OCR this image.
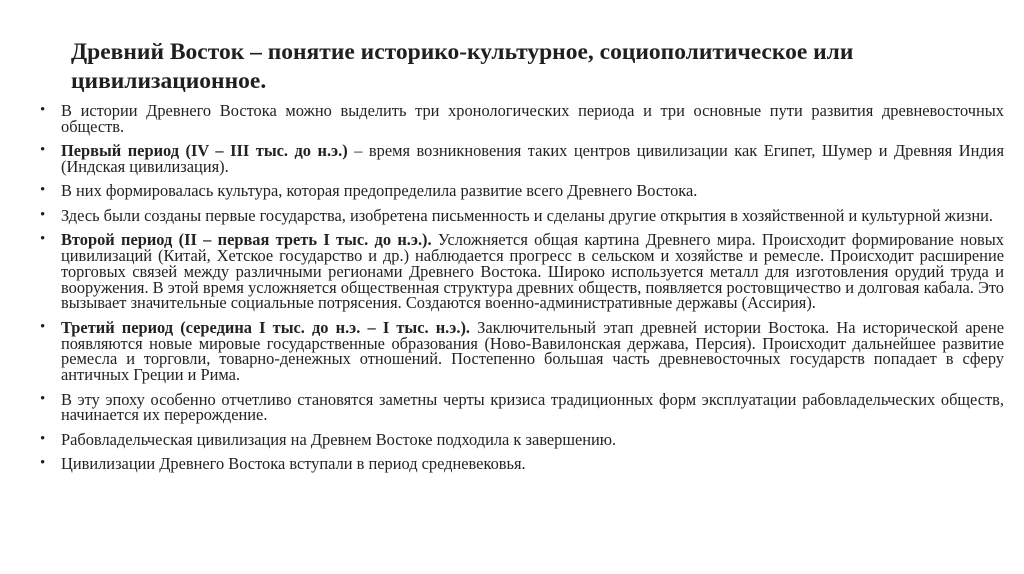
Древний Восток – понятие историко-культурное, социополитическое или
цивилизационное.
• В истории Древнего Востока можно выделить три хронологических периода и три основные пути развития древневосточных обществ.
• Первый период (IV – III тыс. до н.э.) – время возникновения таких центров цивилизации как Египет, Шумер и Древняя Индия (Индская цивилизация).
• В них формировалась культура, которая предопределила развитие всего Древнего Востока.
• Здесь были созданы первые государства, изобретена письменность и сделаны другие открытия в хозяйственной и культурной жизни.
• Второй период (II – первая треть I тыс. до н.э.). Усложняется общая картина Древнего мира. Происходит формирование новых цивилизаций (Китай, Хетское государство и др.) наблюдается прогресс в сельском и хозяйстве и ремесле. Происходит расширение торговых связей между различными регионами Древнего Востока. Широко используется металл для изготовления орудий труда и вооружения. В этой время усложняется общественная структура древних обществ, появляется ростовщичество и долговая кабала. Это вызывает значительные социальные потрясения. Создаются военно-административные державы (Ассирия).
• Третий период (середина I тыс. до н.э. – I тыс. н.э.). Заключительный этап древней истории Востока. На исторической арене появляются новые мировые государственные образования (Ново-Вавилонская держава, Персия). Происходит дальнейшее развитие ремесла и торговли, товарно-денежных отношений. Постепенно большая часть древневосточных государств попадает в сферу античных Греции и Рима.
• В эту эпоху особенно отчетливо становятся заметны черты кризиса традиционных форм эксплуатации рабовладельческих обществ, начинается их перерождение.
• Рабовладельческая цивилизация на Древнем Востоке подходила к завершению.
• Цивилизации Древнего Востока вступали в период средневековья.
